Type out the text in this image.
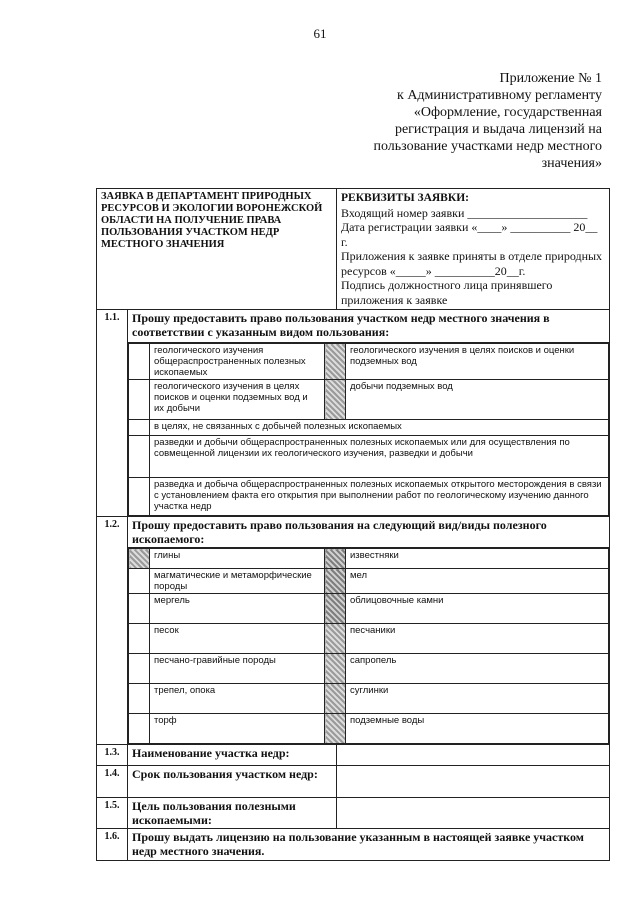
61
Приложение № 1
к Административному регламенту
«Оформление, государственная
регистрация и выдача лицензий на
пользование участками недр местного
значения»
ЗАЯВКА В ДЕПАРТАМЕНТ ПРИРОДНЫХ РЕСУРСОВ И ЭКОЛОГИИ ВОРОНЕЖСКОЙ ОБЛАСТИ НА ПОЛУЧЕНИЕ ПРАВА ПОЛЬЗОВАНИЯ УЧАСТКОМ НЕДР МЕСТНОГО ЗНАЧЕНИЯ	
РЕКВИЗИТЫ ЗАЯВКИ:
Входящий номер заявки ____________________
Дата регистрации заявки «____» __________ 20__ г.
Приложения к заявке приняты в отделе природных ресурсов «_____» __________20__г.
Подпись должностного лица принявшего приложения к заявке

1.1.	Прошу предоставить право пользования участком недр местного значения в соответствии с указанным видом пользования:

	геологического изучения общераспространенных полезных ископаемых		геологического изучения в целях поисков и оценки подземных вод
	геологического изучения в целях поисков и оценки подземных вод и их добычи		добычи подземных вод
	в целях, не связанных с добычей полезных ископаемых
	разведки и добычи общераспространенных полезных ископаемых или для осуществления по совмещенной лицензии их геологического изучения, разведки и добычи
	разведка и добыча общераспространенных полезных ископаемых открытого месторождения в связи с установлением факта его открытия при выполнении работ по геологическому изучению данного участка недр

1.2.	Прошу предоставить право пользования на следующий вид/виды полезного ископаемого:

	глины		известняки
	магматические и метаморфические породы		мел
	мергель		облицовочные камни
	песок		песчаники
	песчано-гравийные породы		сапропель
	трепел, опока		суглинки
	торф		подземные воды

1.3.	Наименование участка недр:	
1.4.	Срок пользования участком недр:	
1.5.	Цель пользования полезными ископаемыми:	
1.6.	Прошу выдать лицензию на пользование указанным в настоящей заявке участком недр местного значения.
